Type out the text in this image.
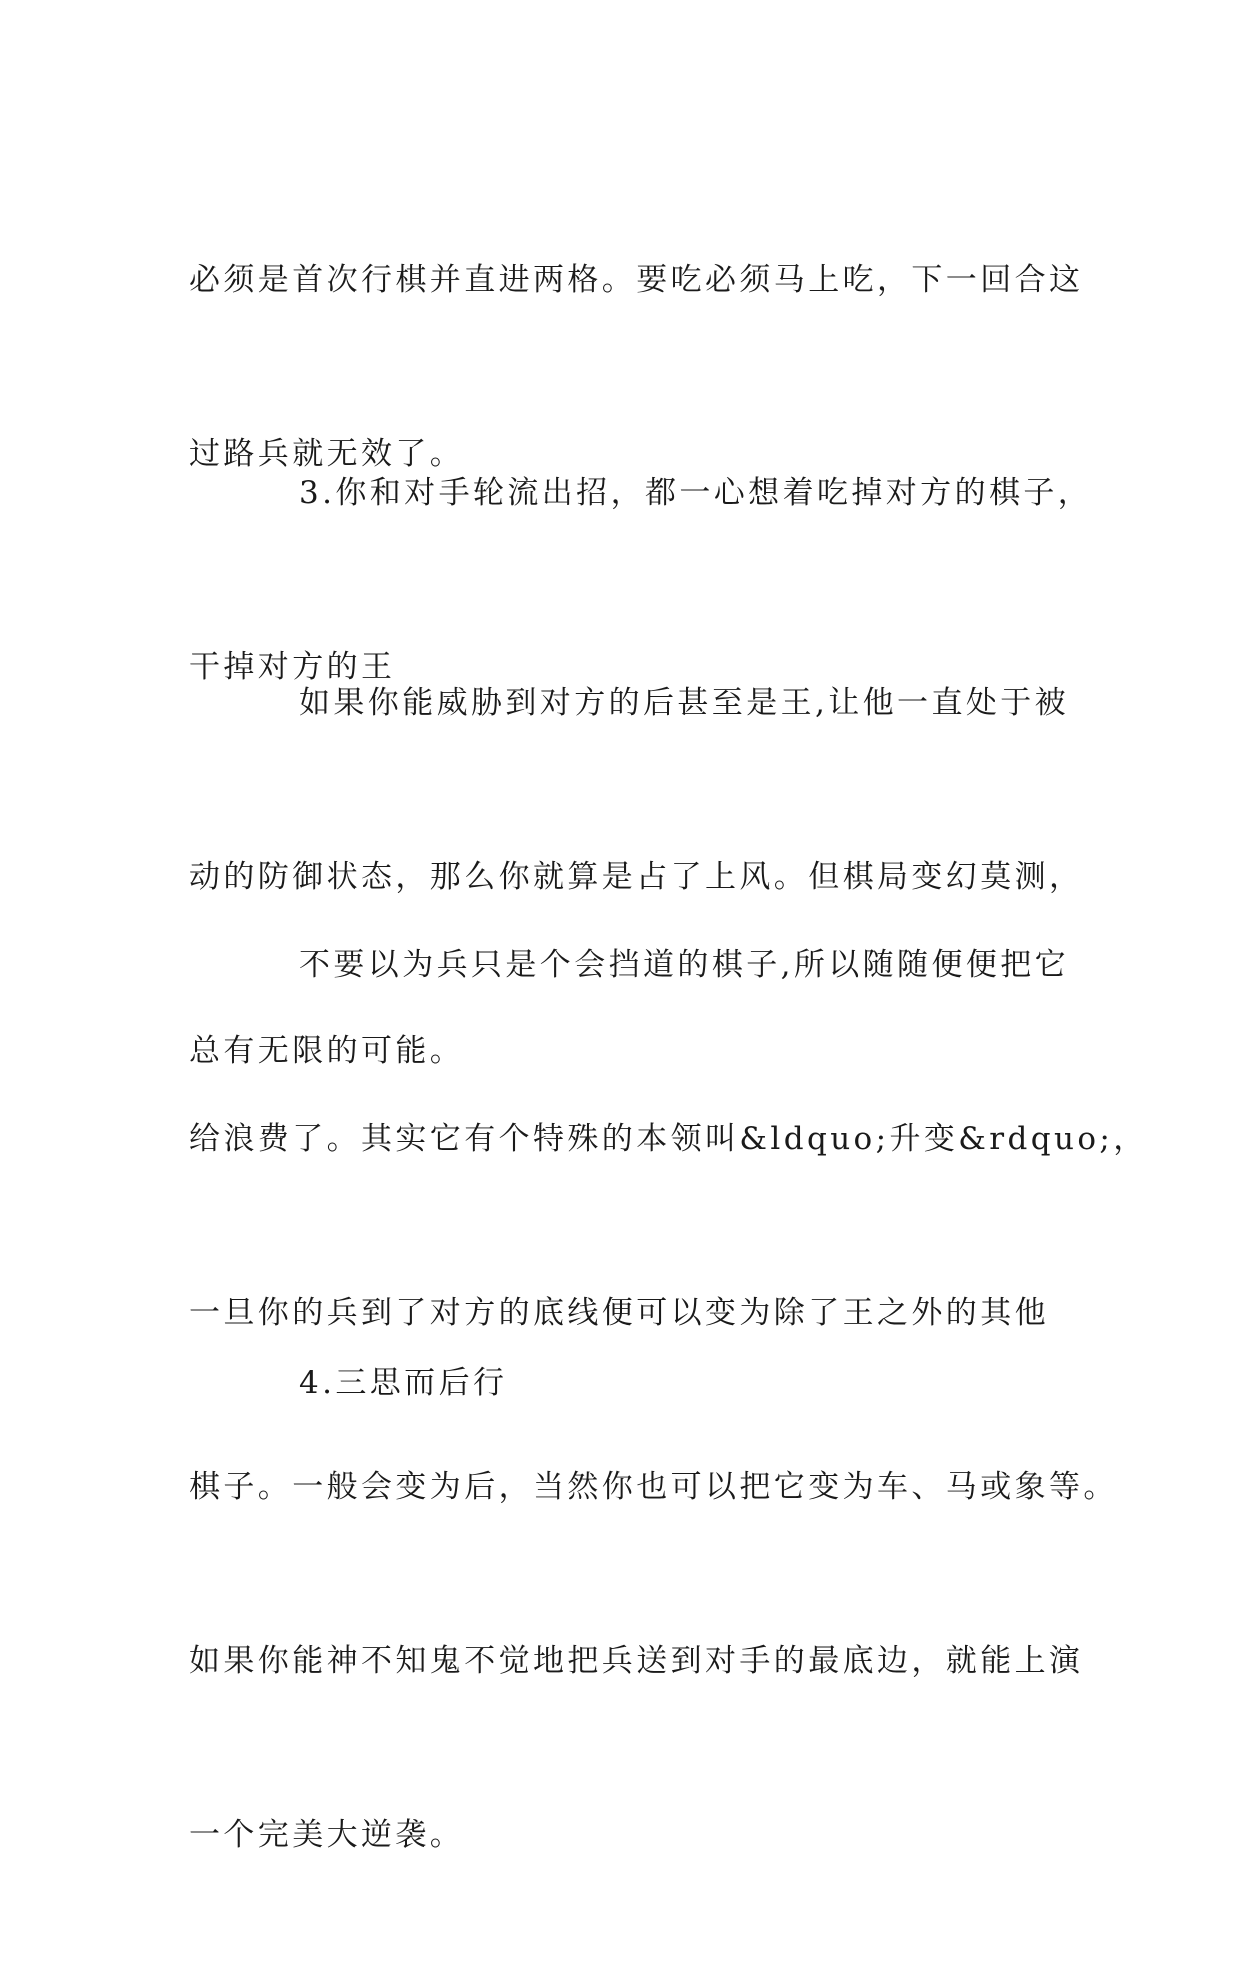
必须是首次行棋并直进两格。要吃必须马上吃，下一回合这

过路兵就无效了。

3.你和对手轮流出招，都一心想着吃掉对方的棋子，

干掉对方的王

如果你能威胁到对方的后甚至是王,让他一直处于被

动的防御状态，那么你就算是占了上风。但棋局变幻莫测，

总有无限的可能。

不要以为兵只是个会挡道的棋子,所以随随便便把它

给浪费了。其实它有个特殊的本领叫&ldquo;升变&rdquo;，

一旦你的兵到了对方的底线便可以变为除了王之外的其他

棋子。一般会变为后，当然你也可以把它变为车、马或象等。

如果你能神不知鬼不觉地把兵送到对手的最底边，就能上演

一个完美大逆袭。

4.三思而后行
